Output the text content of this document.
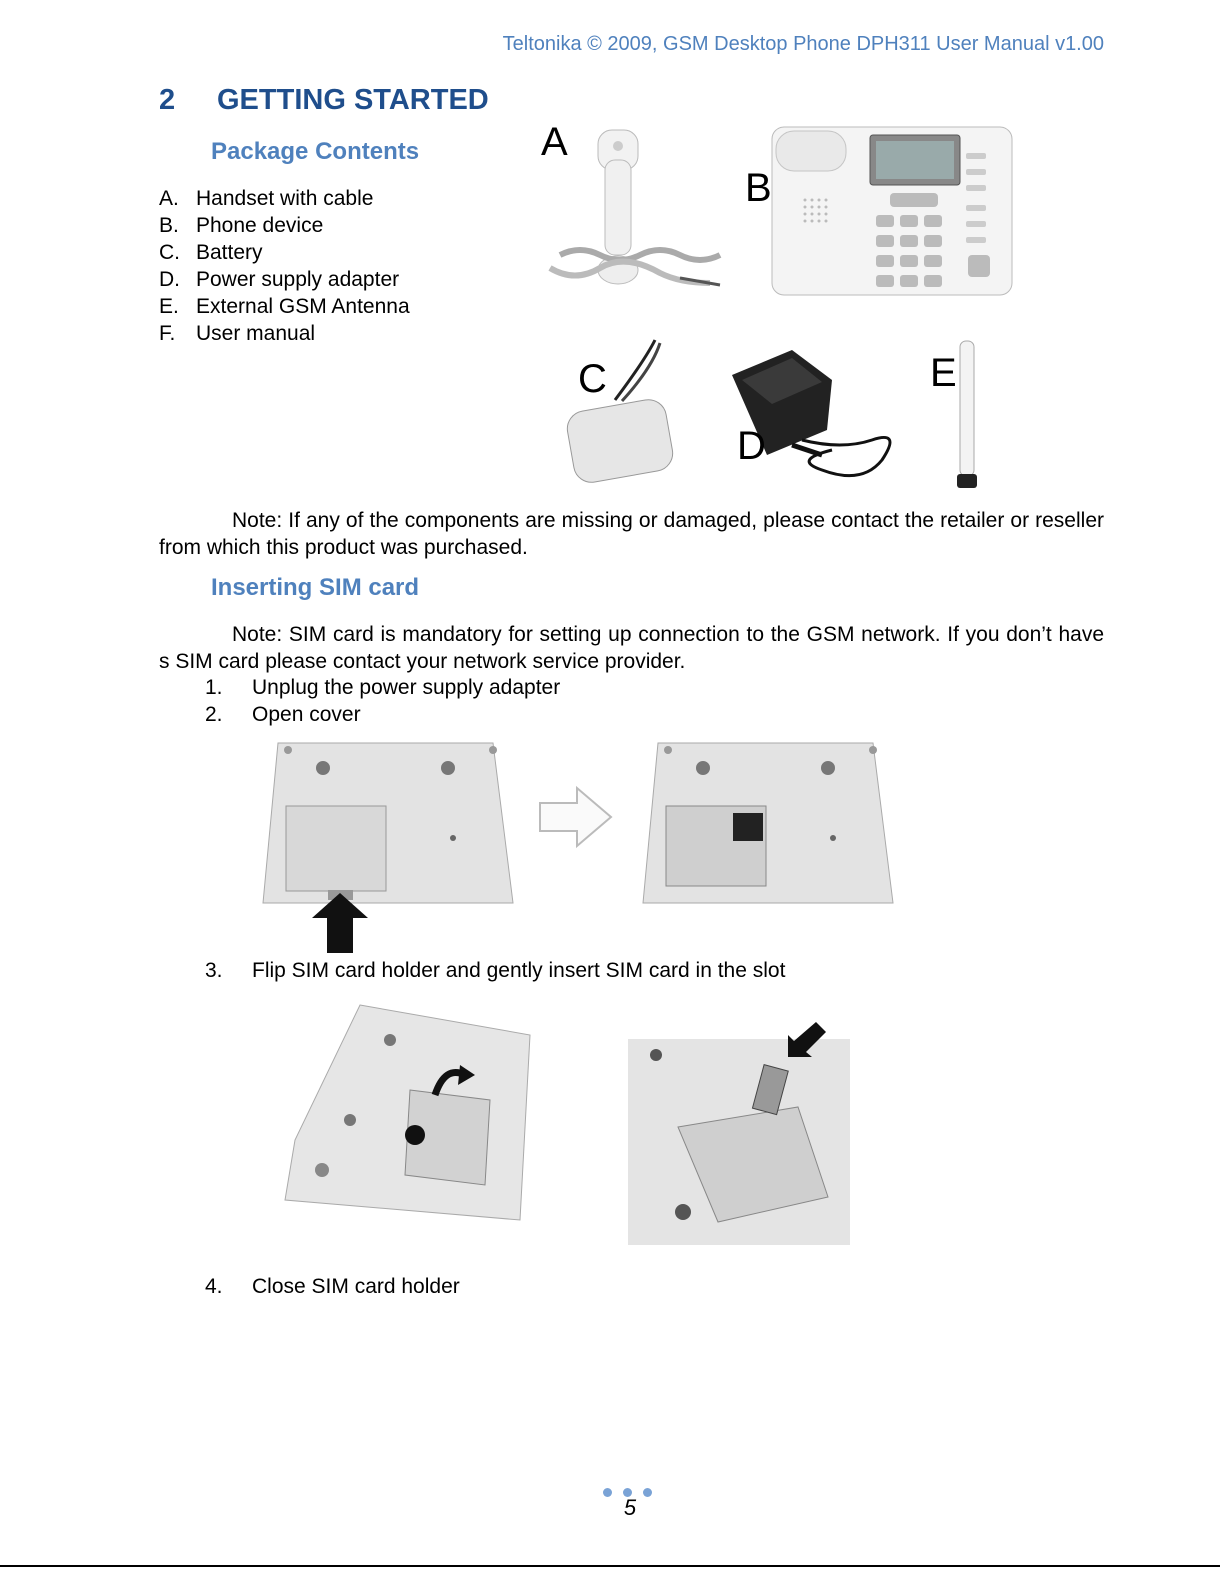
Teltonika © 2009, GSM Desktop Phone DPH311 User Manual v1.00
2 GETTING STARTED
Package Contents
A. Handset with cable
B. Phone device
C. Battery
D. Power supply adapter
E. External GSM Antenna
F. User manual
A
B
C
D
E
Note: If any of the components are missing or damaged, please contact the retailer or reseller from which this product was purchased.
Inserting SIM card
Note: SIM card is mandatory for setting up connection to the GSM network. If you don’t have s SIM card please contact your network service provider.
1. Unplug the power supply adapter
2. Open cover
3. Flip SIM card holder and gently insert SIM card in the slot
4. Close SIM card holder
5
